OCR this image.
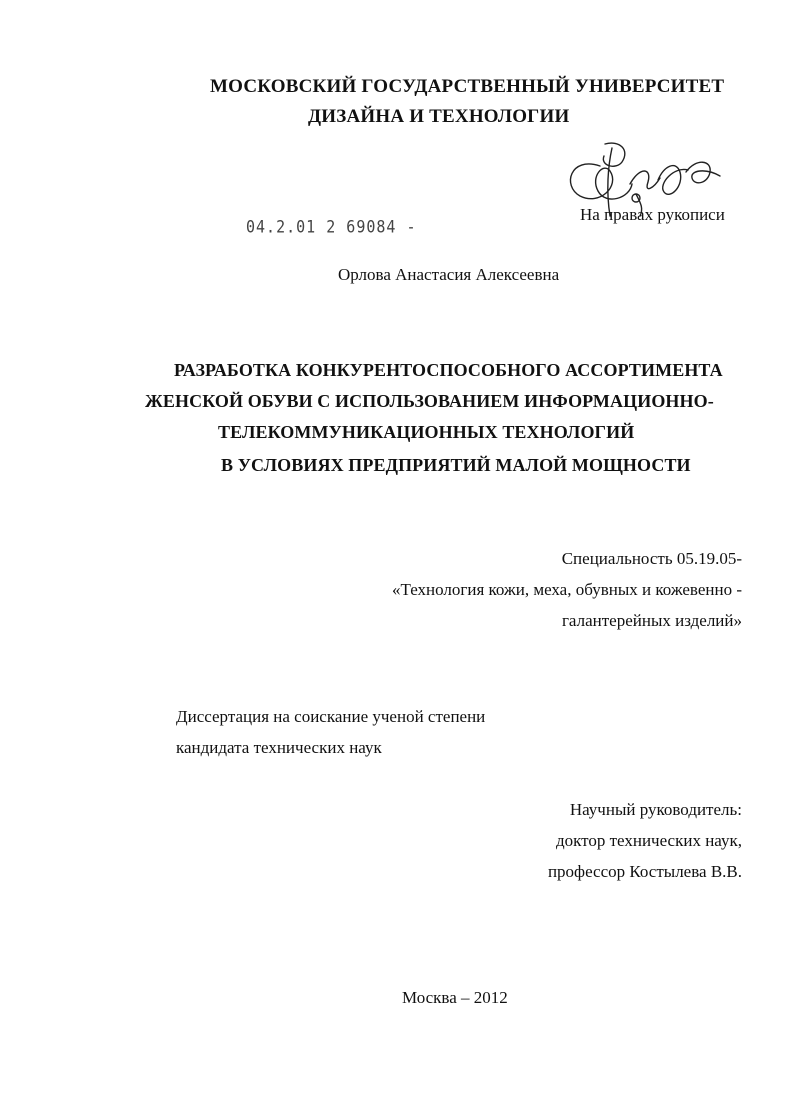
МОСКОВСКИЙ ГОСУДАРСТВЕННЫЙ УНИВЕРСИТЕТ
ДИЗАЙНА И ТЕХНОЛОГИИ
04.2.01 2 69084 -
На правах рукописи
Орлова Анастасия Алексеевна
РАЗРАБОТКА КОНКУРЕНТОСПОСОБНОГО АССОРТИМЕНТА
ЖЕНСКОЙ ОБУВИ С ИСПОЛЬЗОВАНИЕМ ИНФОРМАЦИОННО-
ТЕЛЕКОММУНИКАЦИОННЫХ ТЕХНОЛОГИЙ
В УСЛОВИЯХ ПРЕДПРИЯТИЙ МАЛОЙ МОЩНОСТИ
Специальность 05.19.05-
«Технология кожи, меха, обувных и кожевенно -
галантерейных изделий»
Диссертация на соискание ученой степени
кандидата технических наук
Научный руководитель:
доктор технических наук,
профессор Костылева В.В.
Москва – 2012
